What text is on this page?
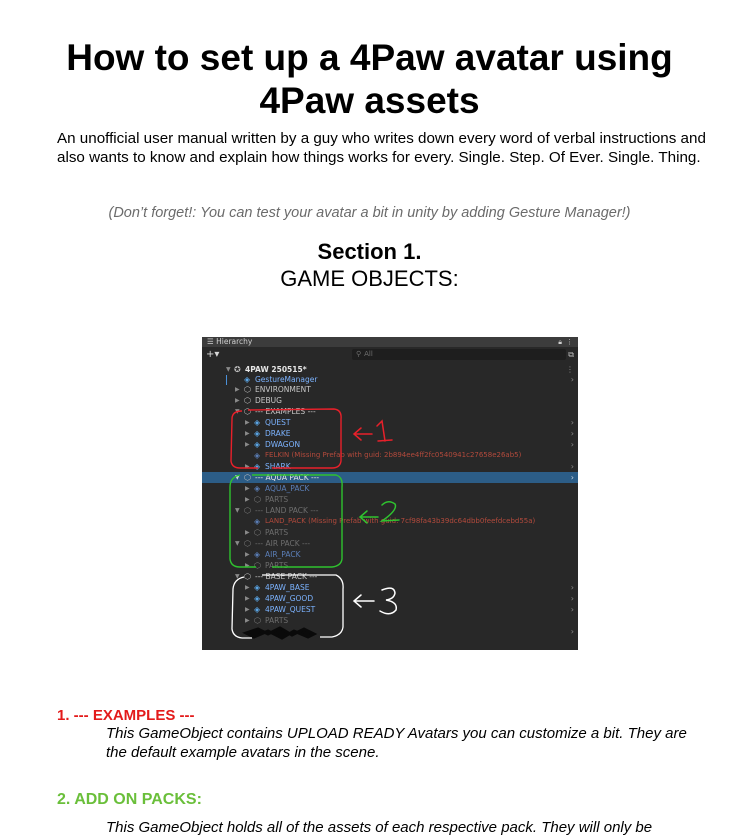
How to set up a 4Paw avatar using 4Paw assets

An unofficial user manual written by a guy who writes down every word of verbal instructions and also wants to know and explain how things works for every. Single. Step. Of Ever. Single. Thing.

(Don’t forget!: You can test your avatar a bit in unity by adding Gesture Manager!)

Section 1.
GAME OBJECTS:
☰ Hierarchy	🔒︎ ⋮
+▾	⚲ All	⧉
▼ ✪ 4PAW 250515*	⋮
◈ GestureManager	›
▶ ⬡ ENVIRONMENT
▶ ⬡ DEBUG
▼ ⬡ --- EXAMPLES ---
▶ ◈ QUEST	›
▶ ◈ DRAKE	›
▶ ◈ DWAGON	›
◈ FELKIN (Missing Prefab with guid: 2b894ee4ff2fc0540941c27658e26ab5)
▶ ◈ SHARK	›
▼ ⬡ --- AQUA PACK ---	›
▶ ◈ AQUA_PACK
▶ ⬡ PARTS
▼ ⬡ --- LAND PACK ---
◈ LAND_PACK (Missing Prefab with guid: 7cf98fa43b39dc64dbb0feefdcebd55a)
▶ ⬡ PARTS
▼ ⬡ --- AIR PACK ---
▶ ◈ AIR_PACK
▶ ⬡ PARTS
▼ ⬡ --- BASE PACK ---
▶ ◈ 4PAW_BASE	›
▶ ◈ 4PAW_GOOD	›
▶ ◈ 4PAW_QUEST	›
▶ ⬡ PARTS
›

1. --- EXAMPLES ---

This GameObject contains UPLOAD READY Avatars you can customize a bit. They are the default example avatars in the scene.

2. ADD ON PACKS:

This GameObject holds all of the assets of each respective pack. They will only be
